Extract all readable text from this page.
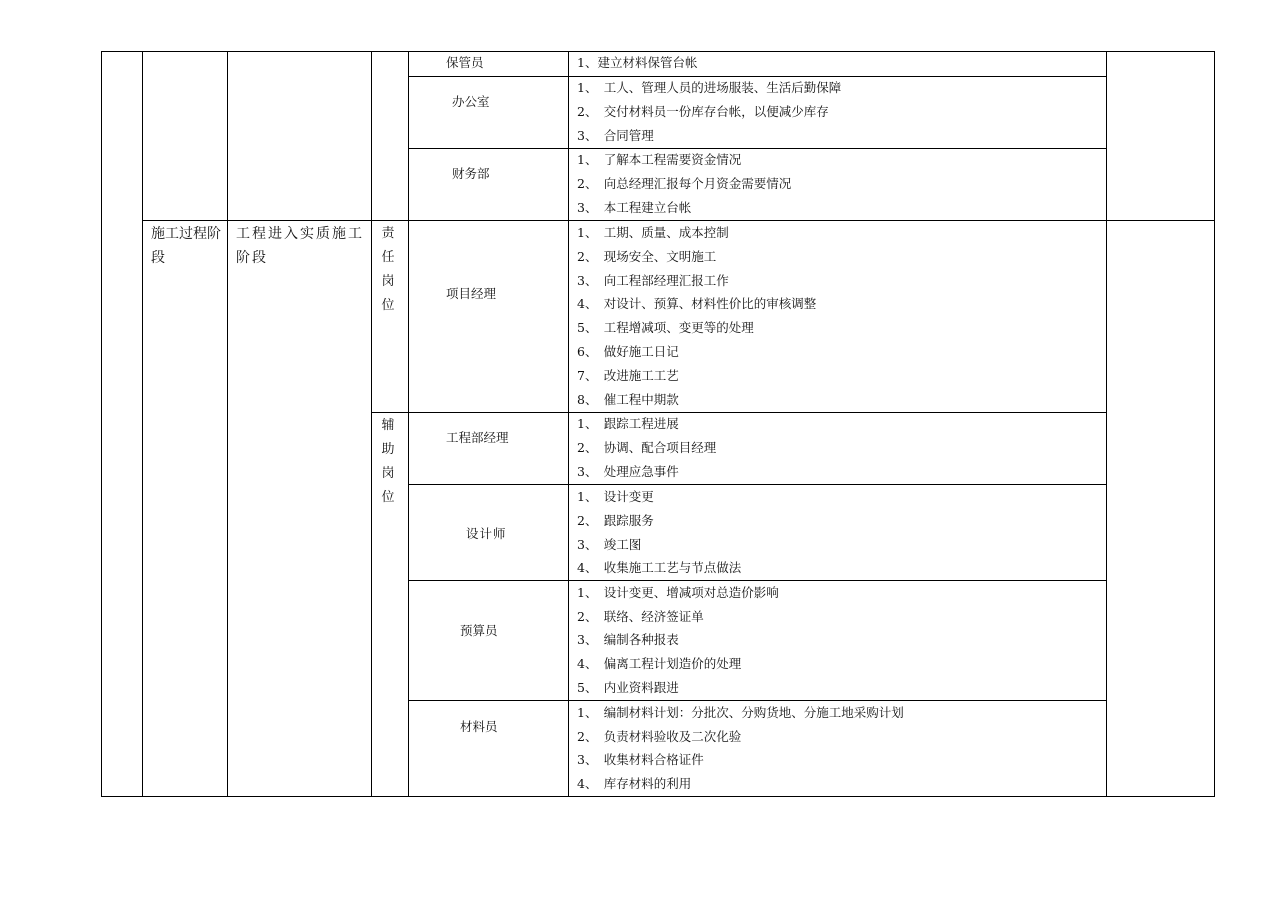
施工过程阶段
工程进入实质施工阶段
责任岗位
辅助岗位
保管员	1、建立材料保管台帐
办公室
1、　工人、管理人员的进场服装、生活后勤保障
2、　交付材料员一份库存台帐，以便减少库存
3、　合同管理
财务部
1、　了解本工程需要资金情况
2、　向总经理汇报每个月资金需要情况
3、　本工程建立台帐
项目经理
1、　工期、质量、成本控制
2、　现场安全、文明施工
3、　向工程部经理汇报工作
4、　对设计、预算、材料性价比的审核调整
5、　工程增减项、变更等的处理
6、　做好施工日记
7、　改进施工工艺
8、　催工程中期款
工程部经理
1、　跟踪工程进展
2、　协调、配合项目经理
3、　处理应急事件
设计师
1、　设计变更
2、　跟踪服务
3、　竣工图
4、　收集施工工艺与节点做法
预算员
1、　设计变更、增减项对总造价影响
2、　联络、经济签证单
3、　编制各种报表
4、　偏离工程计划造价的处理
5、　内业资料跟进
材料员
1、　编制材料计划：分批次、分购货地、分施工地采购计划
2、　负责材料验收及二次化验
3、　收集材料合格证件
4、　库存材料的利用
